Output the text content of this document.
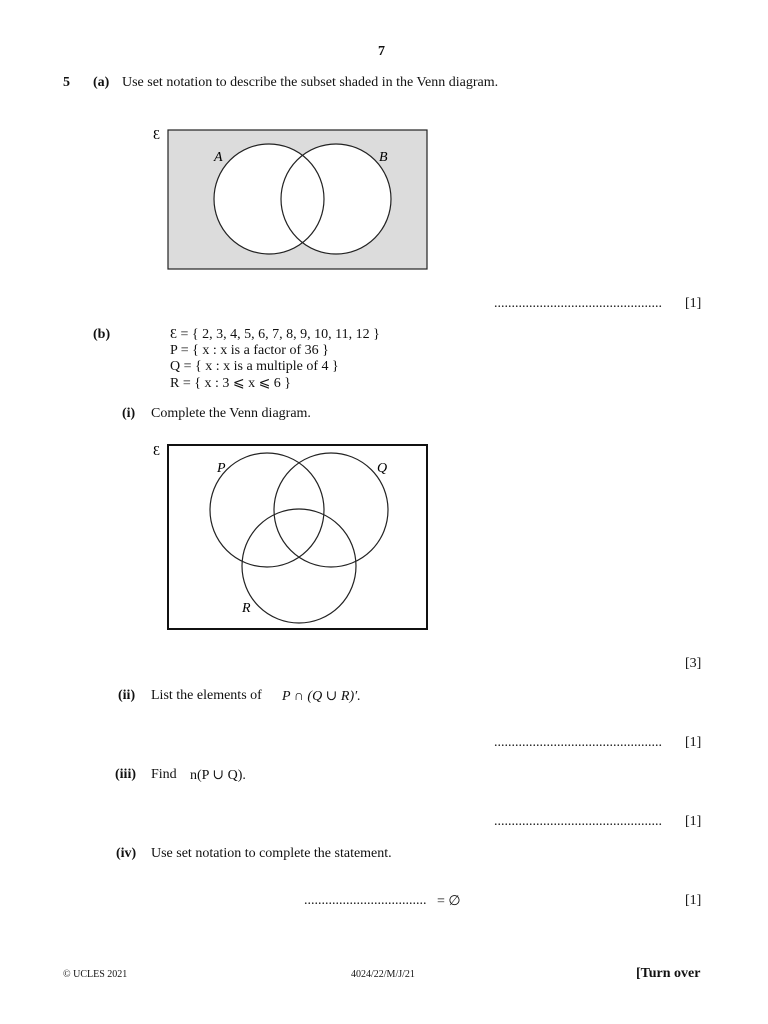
7
5 (a) Use set notation to describe the subset shaded in the Venn diagram.
Ɛ
A	B
................................................ [1]
(b)	Ɛ = { 2, 3, 4, 5, 6, 7, 8, 9, 10, 11, 12 }
P = { x : x is a factor of 36 }
Q = { x : x is a multiple of 4 }
R = { x : 3 ⩽ x ⩽ 6 }
(i) Complete the Venn diagram.
Ɛ
P	Q
R
[3]
(ii) List the elements of P ∩ (Q ∪ R)′.
................................................ [1]
(iii) Find n(P ∪ Q).
................................................ [1]
(iv) Use set notation to complete the statement.
................................... = ∅	[1]
© UCLES 2021	4024/22/M/J/21	[Turn over
